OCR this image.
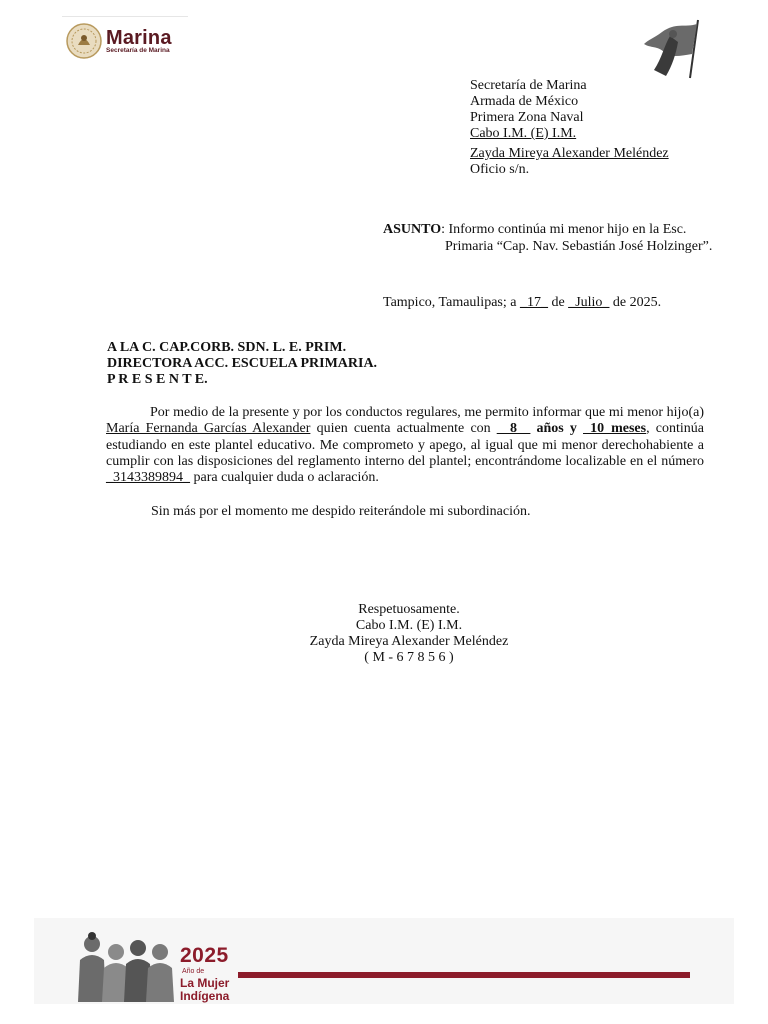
Marina
Secretaría de Marina
Secretaría de Marina
Armada de México
Primera Zona Naval
Cabo I.M. (E) I.M.
Zayda Mireya Alexander Meléndez
Oficio s/n.
ASUNTO: Informo continúa mi menor hijo en la Esc.
Primaria “Cap. Nav. Sebastián José Holzinger”.
Tampico, Tamaulipas; a _17_ de _Julio_ de 2025.
A LA C. CAP.CORB. SDN. L. E. PRIM.
DIRECTORA ACC. ESCUELA PRIMARIA.
P R E S E N T E.
Por medio de la presente y por los conductos regulares, me permito informar que mi menor hijo(a) María Fernanda Garcías Alexander quien cuenta actualmente con _ 8 _ años y _10_meses, continúa estudiando en este plantel educativo. Me comprometo y apego, al igual que mi menor derechohabiente a cumplir con las disposiciones del reglamento interno del plantel; encontrándome localizable en el número _3143389894_ para cualquier duda o aclaración.
Sin más por el momento me despido reiterándole mi subordinación.
Respetuosamente.
Cabo I.M. (E) I.M.
Zayda Mireya Alexander Meléndez
( M - 6 7 8 5 6 )
2025
Año de
La Mujer
Indígena
